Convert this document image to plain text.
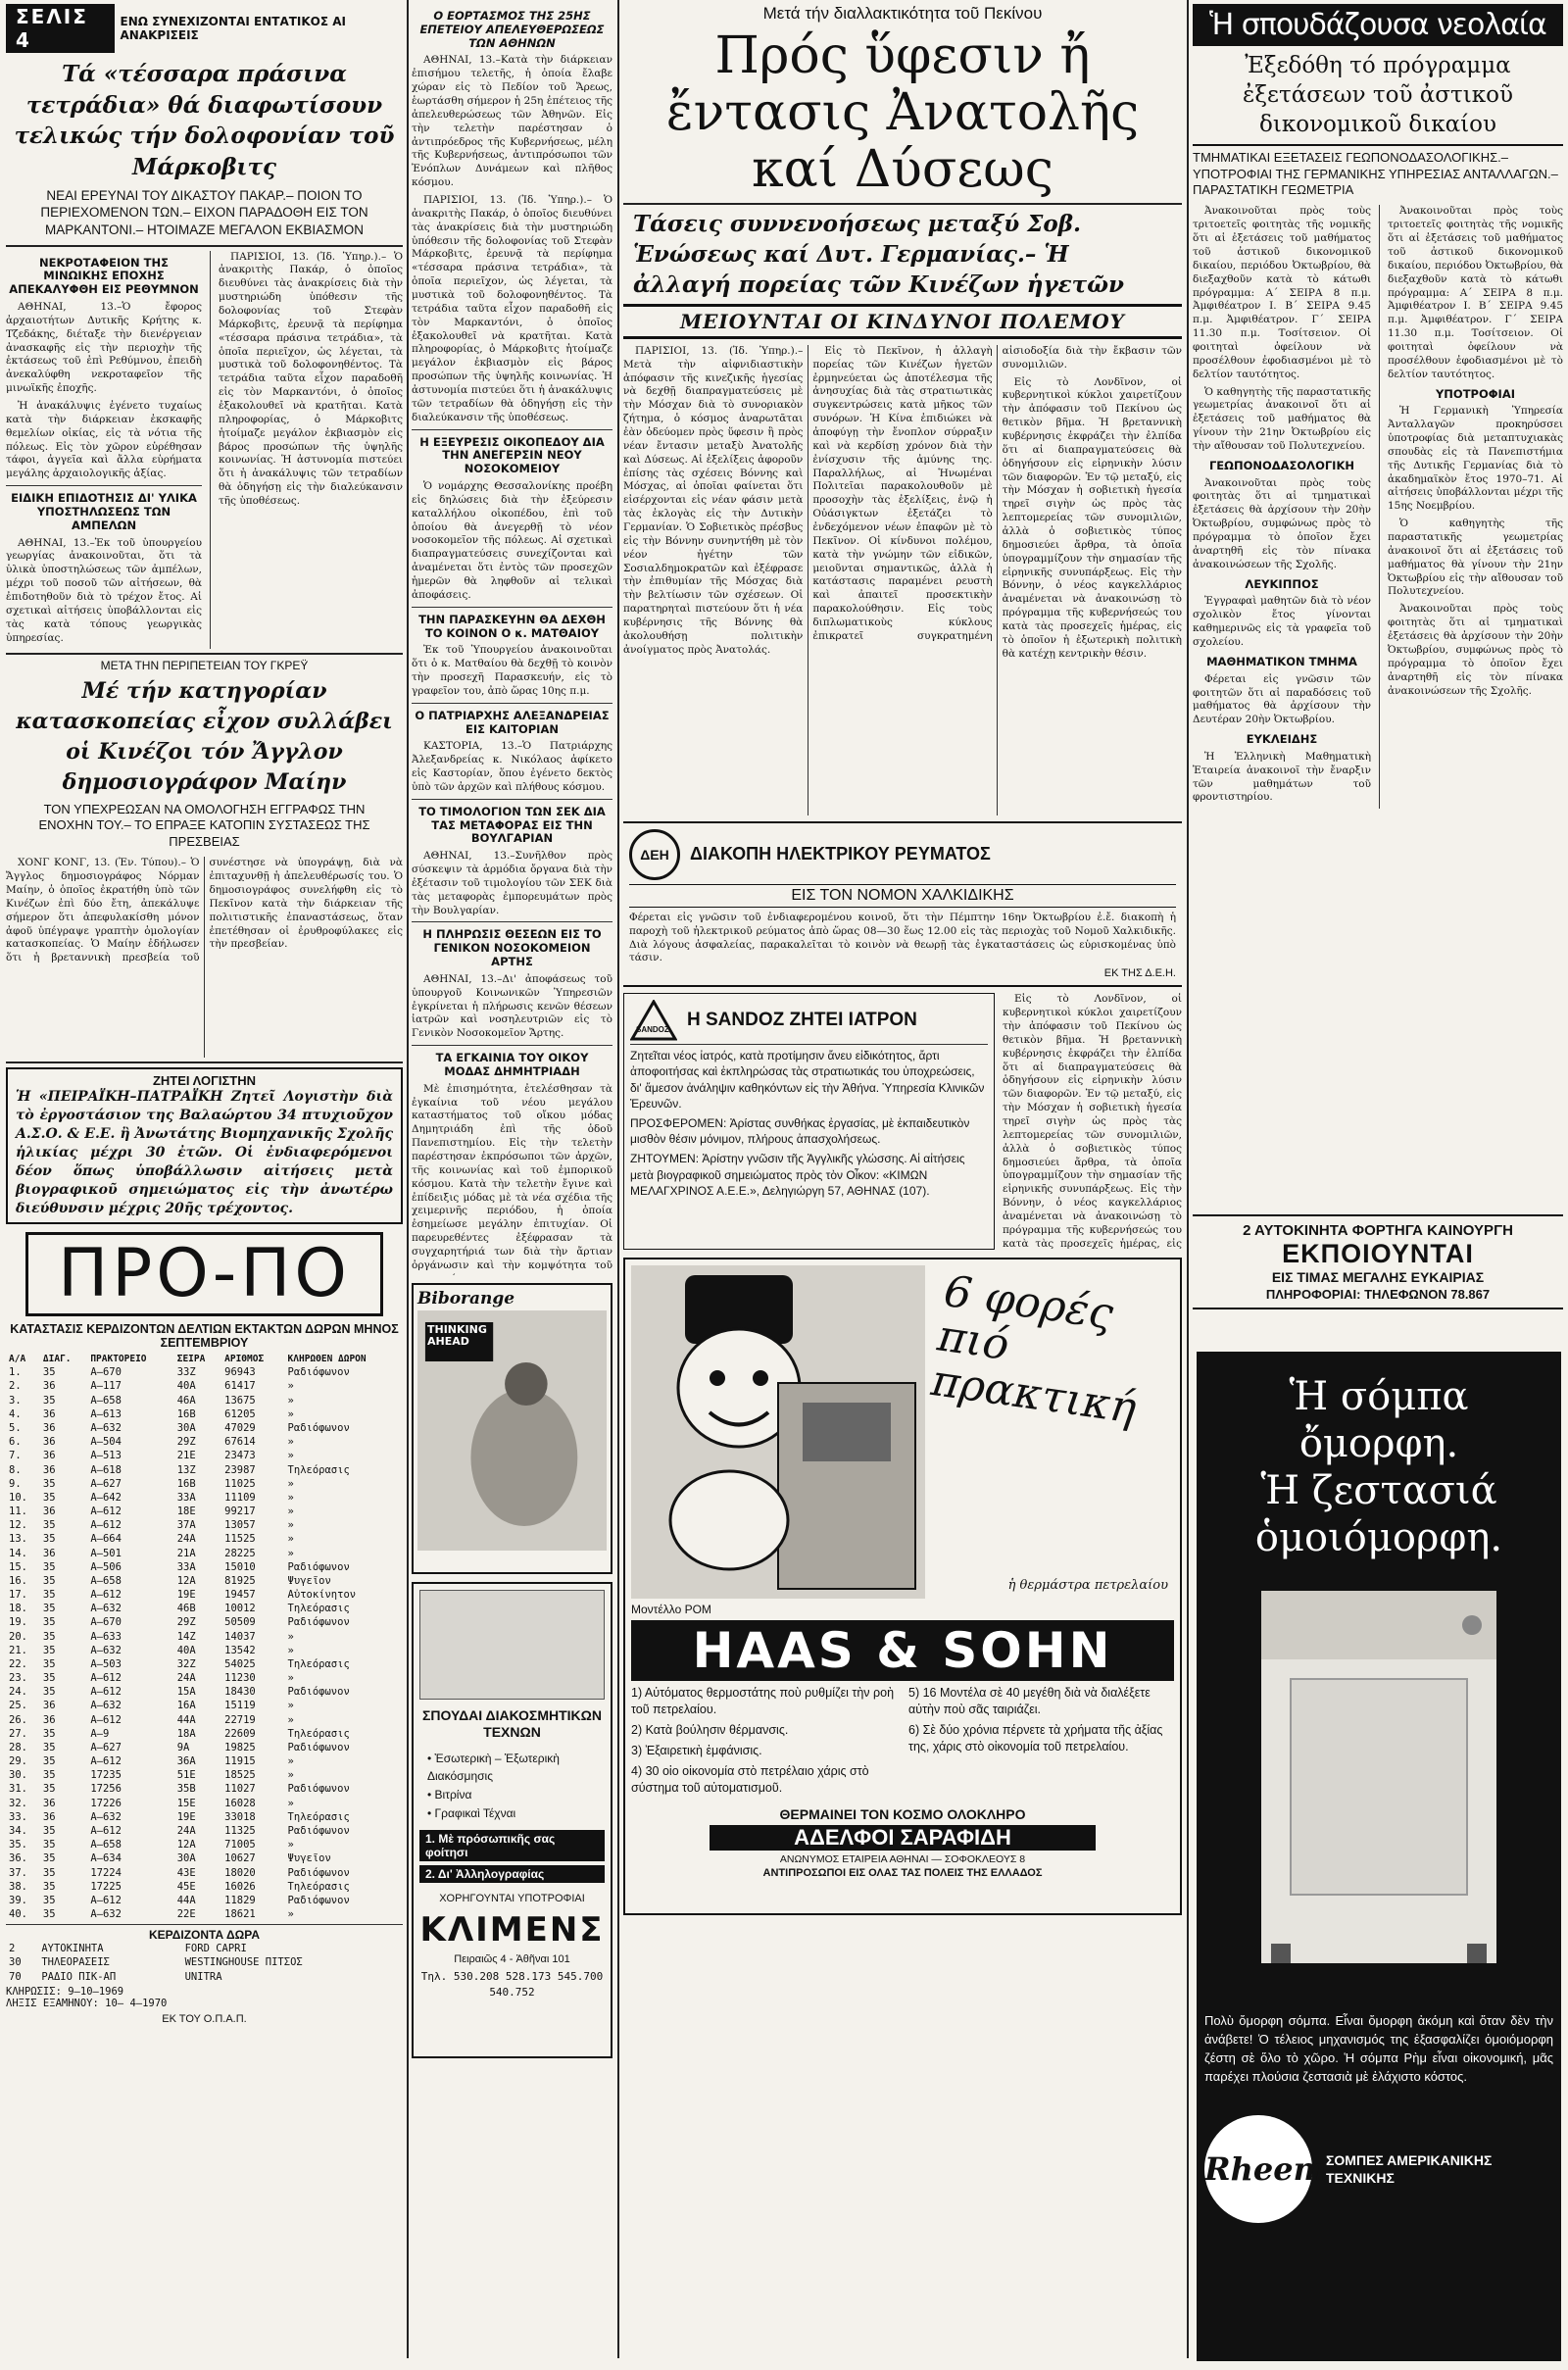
ΣΕΛΙΣ 4
ΕΝΩ ΣΥΝΕΧΙΖΟΝΤΑΙ ΕΝΤΑΤΙΚΟΣ ΑΙ ΑΝΑΚΡΙΣΕΙΣ
Τά «τέσσαρα πράσινα τετράδια» θά διαφωτίσουν τελικώς τήν δολοφονίαν τοῦ Μάρκοβιτς
ΝΕΑΙ ΕΡΕΥΝΑΙ ΤΟΥ ΔΙΚΑΣΤΟΥ ΠΑΚΑΡ.– ΠΟΙΟΝ ΤΟ ΠΕΡΙΕΧΟΜΕΝΟΝ ΤΩΝ.– ΕΙΧΟΝ ΠΑΡΑΔΟΘΗ ΕΙΣ ΤΟΝ ΜΑΡΚΑΝΤΟΝΙ.– ΗΤΟΙΜΑΖΕ ΜΕΓΑΛΟΝ ΕΚΒΙΑΣΜΟΝ
ΝΕΚΡΟΤΑΦΕΙΟΝ ΤΗΣ ΜΙΝΩΙΚΗΣ ΕΠΟΧΗΣ ΑΠΕΚΑΛΥΦΘΗ ΕΙΣ ΡΕΘΥΜΝΟΝ

ΑΘΗΝΑΙ, 13.–Ὁ ἔφορος ἀρχαιοτήτων Δυτικῆς Κρήτης κ. Τζεδάκης, διέταξε τὴν διενέργειαν ἀνασκαφῆς εἰς τὴν περιοχὴν τῆς ἐκτάσεως τοῦ ἐπὶ Ρεθύμνου, ἐπειδὴ ἀνεκαλύφθη νεκροταφεῖον τῆς μινωϊκῆς ἐποχῆς.

Ἡ ἀνακάλυψις ἐγένετο τυχαίως κατὰ τὴν διάρκειαν ἐκσκαφῆς θεμελίων οἰκίας, εἰς τὰ νότια τῆς πόλεως. Εἰς τὸν χῶρον εὑρέθησαν τάφοι, ἀγγεῖα καὶ ἄλλα εὑρήματα μεγάλης ἀρχαιολογικῆς ἀξίας.

ΕΙΔΙΚΗ ΕΠΙΔΟΤΗΣΙΣ ΔΙ' ΥΛΙΚΑ ΥΠΟΣΤΗΛΩΣΕΩΣ ΤΩΝ ΑΜΠΕΛΩΝ

ΑΘΗΝΑΙ, 13.–Ἐκ τοῦ ὑπουργείου γεωργίας ἀνακοινοῦται, ὅτι τὰ ὑλικὰ ὑποστηλώσεως τῶν ἀμπέλων, μέχρι τοῦ ποσοῦ τῶν αἰτήσεων, θὰ ἐπιδοτηθοῦν διὰ τὸ τρέχον ἔτος. Αἱ σχετικαὶ αἰτήσεις ὑποβάλλονται εἰς τὰς κατὰ τόπους γεωργικὰς ὑπηρεσίας.

ΠΑΡΙΣΙΟΙ, 13. (Ἰδ. Ὑπηρ.).– Ὁ ἀνακριτὴς Πακάρ, ὁ ὁποῖος διευθύνει τὰς ἀνακρίσεις διὰ τὴν μυστηριώδη ὑπόθεσιν τῆς δολοφονίας τοῦ Στεφὰν Μάρκοβιτς, ἐρευνᾷ τὰ περίφημα «τέσσαρα πράσινα τετράδια», τὰ ὁποῖα περιεῖχον, ὡς λέγεται, τὰ μυστικὰ τοῦ δολοφονηθέντος. Τὰ τετράδια ταῦτα εἶχον παραδοθῆ εἰς τὸν Μαρκαντόνι, ὁ ὁποῖος ἐξακολουθεῖ νὰ κρατῆται. Κατὰ πληροφορίας, ὁ Μάρκοβιτς ἡτοίμαζε μεγάλον ἐκβιασμὸν εἰς βάρος προσώπων τῆς ὑψηλῆς κοινωνίας. Ἡ ἀστυνομία πιστεύει ὅτι ἡ ἀνακάλυψις τῶν τετραδίων θὰ ὁδηγήσῃ εἰς τὴν διαλεύκανσιν τῆς ὑποθέσεως.

ΜΕΤΑ ΤΗΝ ΠΕΡΙΠΕΤΕΙΑΝ ΤΟΥ ΓΚΡΕΫ
Μέ τήν κατηγορίαν κατασκοπείας εἶχον συλλάβει οἱ Κινέζοι τόν Ἄγγλον δημοσιογράφον Μαίην
ΤΟΝ ΥΠΕΧΡΕΩΣΑΝ ΝΑ ΟΜΟΛΟΓΗΣΗ ΕΓΓΡΑΦΩΣ ΤΗΝ ΕΝΟΧΗΝ ΤΟΥ.– ΤΟ ΕΠΡΑΞΕ ΚΑΤΟΠΙΝ ΣΥΣΤΑΣΕΩΣ ΤΗΣ ΠΡΕΣΒΕΙΑΣ

ΧΟΝΓ ΚΟΝΓ, 13. (Ἐν. Τύπου).– Ὁ Ἄγγλος δημοσιογράφος Νόρμαν Μαίην, ὁ ὁποῖος ἐκρατήθη ὑπὸ τῶν Κινέζων ἐπὶ δύο ἔτη, ἀπεκάλυψε σήμερον ὅτι ἀπεφυλακίσθη μόνον ἀφοῦ ὑπέγραψε γραπτὴν ὁμολογίαν κατασκοπείας. Ὁ Μαίην ἐδήλωσεν ὅτι ἡ βρεταννικὴ πρεσβεία τοῦ συνέστησε νὰ ὑπογράψῃ, διὰ νὰ ἐπιταχυνθῇ ἡ ἀπελευθέρωσίς του. Ὁ δημοσιογράφος συνελήφθη εἰς τὸ Πεκῖνον κατὰ τὴν διάρκειαν τῆς πολιτιστικῆς ἐπαναστάσεως, ὅταν ἐπετέθησαν οἱ ἐρυθροφύλακες εἰς τὴν πρεσβείαν.

ΖΗΤΕΙ ΛΟΓΙΣΤΗΝ
Ἡ «ΠΕΙΡΑΪΚΗ–ΠΑΤΡΑΪΚΗ Ζητεῖ Λογιστὴν διὰ τὸ ἐργοστάσιον της Βαλαώρτου 34 πτυχιοῦχον Α.Σ.Ο. & Ε.Ε. ἢ Ἀνωτάτης Βιομηχανικῆς Σχολῆς ἡλικίας μέχρι 30 ἐτῶν. Οἱ ἐνδιαφερόμενοι δέον ὅπως ὑποβάλλωσιν αἰτήσεις μετὰ βιογραφικοῦ σημειώματος εἰς τὴν ἀνωτέρω διεύθυνσιν μέχρις 20ῆς τρέχοντος.
ΠΡΟ-ΠΟ
ΚΑΤΑΣΤΑΣΙΣ ΚΕΡΔΙΖΟΝΤΩΝ ΔΕΛΤΙΩΝ ΕΚΤΑΚΤΩΝ ΔΩΡΩΝ ΜΗΝΟΣ ΣΕΠΤΕΜΒΡΙΟΥ
Α/Α	ΔΙΑΓ.	ΠΡΑΚΤΟΡΕΙΟ	ΣΕΙΡΑ	ΑΡΙΘΜΟΣ	ΚΛΗΡΩΘΕΝ ΔΩΡΟΝ
1.	35	Α—670	33Ζ	96943	Ραδιόφωνον
2.	36	Α—117	40Α	61417	»
3.	35	Α—658	46Α	13675	»
4.	36	Α—613	16Β	61205	»
5.	36	Α—632	30Α	47029	Ραδιόφωνον
6.	36	Α—504	29Ζ	67614	»
7.	36	Α—513	21Ε	23473	»
8.	36	Α—618	13Ζ	23987	Τηλεόρασις
9.	35	Α—627	16Β	11025	»
10.	35	Α—642	33Α	11109	»
11.	36	Α—612	18Ε	99217	»
12.	35	Α—612	37Α	13057	»
13.	35	Α—664	24Α	11525	»
14.	36	Α—501	21Α	28225	»
15.	35	Α—506	33Α	15010	Ραδιόφωνον
16.	35	Α—658	12Α	81925	Ψυγεῖον
17.	35	Α—612	19Ε	19457	Αὐτοκίνητον
18.	35	Α—632	46Β	10012	Τηλεόρασις
19.	35	Α—670	29Ζ	50509	Ραδιόφωνον
20.	35	Α—633	14Ζ	14037	»
21.	35	Α—632	40Α	13542	»
22.	35	Α—503	32Ζ	54025	Τηλεόρασις
23.	35	Α—612	24Α	11230	»
24.	35	Α—612	15Α	18430	Ραδιόφωνον
25.	36	Α—632	16Α	15119	»
26.	36	Α—612	44Α	22719	»
27.	35	Α—9	18Α	22609	Τηλεόρασις
28.	35	Α—627	9Α	19825	Ραδιόφωνον
29.	35	Α—612	36Α	11915	»
30.	35	17235	51Ε	18525	»
31.	35	17256	35Β	11027	Ραδιόφωνον
32.	36	17226	15Ε	16028	»
33.	36	Α—632	19Ε	33018	Τηλεόρασις
34.	35	Α—612	24Α	11325	Ραδιόφωνον
35.	35	Α—658	12Α	71005	»
36.	35	Α—634	30Α	10627	Ψυγεῖον
37.	35	17224	43Ε	18020	Ραδιόφωνον
38.	35	17225	45Ε	16026	Τηλεόρασις
39.	35	Α—612	44Α	11829	Ραδιόφωνον
40.	35	Α—632	22Ε	18621	»
ΚΕΡΔΙΖΟΝΤΑ ΔΩΡΑ
2	ΑΥΤΟΚΙΝΗΤΑ	FORD CAPRI
30	ΤΗΛΕΟΡΑΣΕΙΣ	WESTINGHOUSE ΠΙΤΣΟΣ
70	ΡΑΔΙΟ ΠΙΚ-ΑΠ	UNITRA
ΚΛΗΡΩΣΙΣ: 9—10—1969
ΛΗΞΙΣ ΕΞΑΜΗΝΟΥ: 10— 4—1970
ΕΚ ΤΟΥ Ο.Π.Α.Π.
Ο ΕΟΡΤΑΣΜΟΣ ΤΗΣ 25ΗΣ ΕΠΕΤΕΙΟΥ ΑΠΕΛΕΥΘΕΡΩΣΕΩΣ ΤΩΝ ΑΘΗΝΩΝ

ΑΘΗΝΑΙ, 13.–Κατὰ τὴν διάρκειαν ἐπισήμου τελετῆς, ἡ ὁποία ἔλαβε χώραν εἰς τὸ Πεδίον τοῦ Ἄρεως, ἑωρτάσθη σήμερον ἡ 25η ἐπέτειος τῆς ἀπελευθερώσεως τῶν Ἀθηνῶν. Εἰς τὴν τελετὴν παρέστησαν ὁ ἀντιπρόεδρος τῆς Κυβερνήσεως, μέλη τῆς Κυβερνήσεως, ἀντιπρόσωποι τῶν Ἐνόπλων Δυνάμεων καὶ πλῆθος κόσμου.

ΠΑΡΙΣΙΟΙ, 13. (Ἰδ. Ὑπηρ.).– Ὁ ἀνακριτὴς Πακάρ, ὁ ὁποῖος διευθύνει τὰς ἀνακρίσεις διὰ τὴν μυστηριώδη ὑπόθεσιν τῆς δολοφονίας τοῦ Στεφὰν Μάρκοβιτς, ἐρευνᾷ τὰ περίφημα «τέσσαρα πράσινα τετράδια», τὰ ὁποῖα περιεῖχον, ὡς λέγεται, τὰ μυστικὰ τοῦ δολοφονηθέντος. Τὰ τετράδια ταῦτα εἶχον παραδοθῆ εἰς τὸν Μαρκαντόνι, ὁ ὁποῖος ἐξακολουθεῖ νὰ κρατῆται. Κατὰ πληροφορίας, ὁ Μάρκοβιτς ἡτοίμαζε μεγάλον ἐκβιασμὸν εἰς βάρος προσώπων τῆς ὑψηλῆς κοινωνίας. Ἡ ἀστυνομία πιστεύει ὅτι ἡ ἀνακάλυψις τῶν τετραδίων θὰ ὁδηγήσῃ εἰς τὴν διαλεύκανσιν τῆς ὑποθέσεως.

Η ΕΞΕΥΡΕΣΙΣ ΟΙΚΟΠΕΔΟΥ ΔΙΑ ΤΗΝ ΑΝΕΓΕΡΣΙΝ ΝΕΟΥ ΝΟΣΟΚΟΜΕΙΟΥ

Ὁ νομάρχης Θεσσαλονίκης προέβη εἰς δηλώσεις διὰ τὴν ἐξεύρεσιν καταλλήλου οἰκοπέδου, ἐπὶ τοῦ ὁποίου θὰ ἀνεγερθῇ τὸ νέον νοσοκομεῖον τῆς πόλεως. Αἱ σχετικαὶ διαπραγματεύσεις συνεχίζονται καὶ ἀναμένεται ὅτι ἐντὸς τῶν προσεχῶν ἡμερῶν θὰ ληφθοῦν αἱ τελικαὶ ἀποφάσεις.

ΤΗΝ ΠΑΡΑΣΚΕΥΗΝ ΘΑ ΔΕΧΘΗ ΤΟ ΚΟΙΝΟΝ Ο κ. ΜΑΤΘΑΙΟΥ

Ἐκ τοῦ Ὑπουργείου ἀνακοινοῦται ὅτι ὁ κ. Ματθαίου θὰ δεχθῇ τὸ κοινὸν τὴν προσεχῆ Παρασκευήν, εἰς τὸ γραφεῖον του, ἀπὸ ὥρας 10ης π.μ.

Ο ΠΑΤΡΙΑΡΧΗΣ ΑΛΕΞΑΝΔΡΕΙΑΣ ΕΙΣ ΚΑΙΤΟΡΙΑΝ

ΚΑΣΤΟΡΙΑ, 13.–Ὁ Πατριάρχης Ἀλεξανδρείας κ. Νικόλαος ἀφίκετο εἰς Καστορίαν, ὅπου ἐγένετο δεκτὸς ὑπὸ τῶν ἀρχῶν καὶ πλήθους κόσμου.

ΤΟ ΤΙΜΟΛΟΓΙΟΝ ΤΩΝ ΣΕΚ ΔΙΑ ΤΑΣ ΜΕΤΑΦΟΡΑΣ ΕΙΣ ΤΗΝ ΒΟΥΛΓΑΡΙΑΝ

ΑΘΗΝΑΙ, 13.–Συνῆλθον πρὸς σύσκεψιν τὰ ἁρμόδια ὄργανα διὰ τὴν ἐξέτασιν τοῦ τιμολογίου τῶν ΣΕΚ διὰ τὰς μεταφορὰς ἐμπορευμάτων πρὸς τὴν Βουλγαρίαν.

Η ΠΛΗΡΩΣΙΣ ΘΕΣΕΩΝ ΕΙΣ ΤΟ ΓΕΝΙΚΟΝ ΝΟΣΟΚΟΜΕΙΟΝ ΑΡΤΗΣ

ΑΘΗΝΑΙ, 13.–Δι' ἀποφάσεως τοῦ ὑπουργοῦ Κοινωνικῶν Ὑπηρεσιῶν ἐγκρίνεται ἡ πλήρωσις κενῶν θέσεων ἰατρῶν καὶ νοσηλευτριῶν εἰς τὸ Γενικὸν Νοσοκομεῖον Ἄρτης.

ΤΑ ΕΓΚΑΙΝΙΑ ΤΟΥ ΟΙΚΟΥ ΜΟΔΑΣ ΔΗΜΗΤΡΙΑΔΗ

Μὲ ἐπισημότητα, ἐτελέσθησαν τὰ ἐγκαίνια τοῦ νέου μεγάλου καταστήματος τοῦ οἴκου μόδας Δημητριάδη ἐπὶ τῆς ὁδοῦ Πανεπιστημίου. Εἰς τὴν τελετὴν παρέστησαν ἐκπρόσωποι τῶν ἀρχῶν, τῆς κοινωνίας καὶ τοῦ ἐμπορικοῦ κόσμου. Κατὰ τὴν τελετὴν ἔγινε καὶ ἐπίδειξις μόδας μὲ τὰ νέα σχέδια τῆς χειμερινῆς περιόδου, ἡ ὁποία ἐσημείωσε μεγάλην ἐπιτυχίαν. Οἱ παρευρεθέντες ἐξέφρασαν τὰ συγχαρητήριά των διὰ τὴν ἄρτιαν ὀργάνωσιν καὶ τὴν κομψότητα τοῦ

Biborange
THINKING AHEAD
ΣΠΟΥΔΑΙ ΔΙΑΚΟΣΜΗΤΙΚΩΝ ΤΕΧΝΩΝ
• Ἐσωτερικὴ – Ἐξωτερικὴ Διακόσμησις
• Βιτρίνα
• Γραφικαὶ Τέχναι
1. Μὲ πρόσωπικῆς σας φοίτησι
2. Δι' Ἀλληλογραφίας
ΧΟΡΗΓΟΥΝΤΑΙ ΥΠΟΤΡΟΦΙΑΙ
ΚΛΙΜΕΝΣ
Πειραιῶς 4 - Ἀθῆναι 101
Τηλ. 530.208 528.173 545.700 540.752
Μετά τήν διαλλακτικότητα τοῦ Πεκίνου
Πρός ὕφεσιν ἤ ἔντασις Ἀνατολῆς καί Δύσεως
Τάσεις συννενοήσεως μεταξύ Σοβ. Ἑνώσεως καί Δυτ. Γερμανίας.– Ἡ ἀλλαγή πορείας τῶν Κινέζων ἡγετῶν
ΜΕΙΟΥΝΤΑΙ ΟΙ ΚΙΝΔΥΝΟΙ ΠΟΛΕΜΟΥ

ΠΑΡΙΣΙΟΙ, 13. (Ἰδ. Ὑπηρ.).– Μετὰ τὴν αἰφνιδιαστικὴν ἀπόφασιν τῆς κινεζικῆς ἡγεσίας νὰ δεχθῇ διαπραγματεύσεις μὲ τὴν Μόσχαν διὰ τὸ συνοριακὸν ζήτημα, ὁ κόσμος ἀναρωτᾶται ἐὰν ὁδεύομεν πρὸς ὕφεσιν ἢ πρὸς νέαν ἔντασιν μεταξὺ Ἀνατολῆς καὶ Δύσεως. Αἱ ἐξελίξεις ἀφοροῦν ἐπίσης τὰς σχέσεις Βόννης καὶ Μόσχας, αἱ ὁποῖαι φαίνεται ὅτι εἰσέρχονται εἰς νέαν φάσιν μετὰ τὰς ἐκλογὰς εἰς τὴν Δυτικὴν Γερμανίαν. Ὁ Σοβιετικὸς πρέσβυς εἰς τὴν Βόννην συνηντήθη μὲ τὸν νέον ἡγέτην τῶν Σοσιαλδημοκρατῶν καὶ ἐξέφρασε τὴν ἐπιθυμίαν τῆς Μόσχας διὰ τὴν βελτίωσιν τῶν σχέσεων. Οἱ παρατηρηταὶ πιστεύουν ὅτι ἡ νέα κυβέρνησις τῆς Βόννης θὰ ἀκολουθήσῃ πολιτικὴν ἀνοίγματος πρὸς Ἀνατολάς.

Εἰς τὸ Πεκῖνον, ἡ ἀλλαγὴ πορείας τῶν Κινέζων ἡγετῶν ἐρμηνεύεται ὡς ἀποτέλεσμα τῆς ἀνησυχίας διὰ τὰς στρατιωτικὰς συγκεντρώσεις κατὰ μῆκος τῶν συνόρων. Ἡ Κίνα ἐπιδιώκει νὰ ἀποφύγῃ τὴν ἔνοπλον σύρραξιν καὶ νὰ κερδίσῃ χρόνον διὰ τὴν ἐνίσχυσιν τῆς ἀμύνης της. Παραλλήλως, αἱ Ἡνωμέναι Πολιτεῖαι παρακολουθοῦν μὲ προσοχὴν τὰς ἐξελίξεις, ἐνῷ ἡ Οὐάσιγκτων ἐξετάζει τὸ ἐνδεχόμενον νέων ἐπαφῶν μὲ τὸ Πεκῖνον. Οἱ κίνδυνοι πολέμου, κατὰ τὴν γνώμην τῶν εἰδικῶν, μειοῦνται σημαντικῶς, ἀλλὰ ἡ κατάστασις παραμένει ρευστὴ καὶ ἀπαιτεῖ προσεκτικὴν παρακολούθησιν. Εἰς τοὺς διπλωματικοὺς κύκλους ἐπικρατεῖ συγκρατημένη αἰσιοδοξία διὰ τὴν ἔκβασιν τῶν συνομιλιῶν.

Εἰς τὸ Λονδῖνον, οἱ κυβερνητικοὶ κύκλοι χαιρετίζουν τὴν ἀπόφασιν τοῦ Πεκίνου ὡς θετικὸν βῆμα. Ἡ βρεταννικὴ κυβέρνησις ἐκφράζει τὴν ἐλπίδα ὅτι αἱ διαπραγματεύσεις θὰ ὁδηγήσουν εἰς εἰρηνικὴν λύσιν τῶν διαφορῶν. Ἐν τῷ μεταξύ, εἰς τὴν Μόσχαν ἡ σοβιετικὴ ἡγεσία τηρεῖ σιγὴν ὡς πρὸς τὰς λεπτομερείας τῶν συνομιλιῶν, ἀλλὰ ὁ σοβιετικὸς τύπος δημοσιεύει ἄρθρα, τὰ ὁποῖα ὑπογραμμίζουν τὴν σημασίαν τῆς εἰρηνικῆς συνυπάρξεως. Εἰς τὴν Βόννην, ὁ νέος καγκελλάριος ἀναμένεται νὰ ἀνακοινώσῃ τὸ πρόγραμμα τῆς κυβερνήσεώς του κατὰ τὰς προσεχεῖς ἡμέρας, εἰς τὸ ὁποῖον ἡ ἐξωτερικὴ πολιτικὴ θὰ κατέχῃ κεντρικὴν θέσιν.

ΔΕΗ	ΔΙΑΚΟΠΗ ΗΛΕΚΤΡΙΚΟΥ ΡΕΥΜΑΤΟΣ
ΕΙΣ ΤΟΝ ΝΟΜΟΝ ΧΑΛΚΙΔΙΚΗΣ
Φέρεται εἰς γνῶσιν τοῦ ἐνδιαφερομένου κοινοῦ, ὅτι τὴν Πέμπτην 16ην Ὀκτωβρίου ἐ.ἔ. διακοπὴ ἡ παροχὴ τοῦ ἠλεκτρικοῦ ρεύματος ἀπὸ ὥρας 08—30 ἕως 12.00 εἰς τὰς περιοχὰς τοῦ Νομοῦ Χαλκιδικῆς. Διὰ λόγους ἀσφαλείας, παρακαλεῖται τὸ κοινὸν νὰ θεωρῇ τὰς ἐγκαταστάσεις ὡς εὑρισκομένας ὑπὸ τάσιν.
ΕΚ ΤΗΣ Δ.Ε.Η.
SANDOZ Η SANDOZ ΖΗΤΕΙ ΙΑΤΡΟΝ
Ζητεῖται νέος ἰατρός, κατὰ προτίμησιν ἄνευ εἰδικότητος, ἄρτι ἀποφοιτήσας καὶ ἐκπληρώσας τὰς στρατιωτικάς του ὑποχρεώσεις, δι' ἄμεσον ἀνάληψιν καθηκόντων εἰς τὴν Ἀθήνα. Ὑπηρεσία Κλινικῶν Ἐρευνῶν.
ΠΡΟΣΦΕΡΟΜΕΝ: Ἀρίστας συνθήκας ἐργασίας, μὲ ἐκπαιδευτικὸν μισθὸν θέσιν μόνιμον, πλήρους ἀπασχολήσεως.
ΖΗΤΟΥΜΕΝ: Ἀρίστην γνῶσιν τῆς Ἀγγλικῆς γλώσσης. Αἱ αἰτήσεις μετὰ βιογραφικοῦ σημειώματος πρὸς τὸν Οἶκον: «ΚΙΜΩΝ ΜΕΛΑΓΧΡΙΝΟΣ Α.Ε.Ε.», Δεληγιώργη 57, ΑΘΗΝΑΣ (107).

Εἰς τὸ Λονδῖνον, οἱ κυβερνητικοὶ κύκλοι χαιρετίζουν τὴν ἀπόφασιν τοῦ Πεκίνου ὡς θετικὸν βῆμα. Ἡ βρεταννικὴ κυβέρνησις ἐκφράζει τὴν ἐλπίδα ὅτι αἱ διαπραγματεύσεις θὰ ὁδηγήσουν εἰς εἰρηνικὴν λύσιν τῶν διαφορῶν. Ἐν τῷ μεταξύ, εἰς τὴν Μόσχαν ἡ σοβιετικὴ ἡγεσία τηρεῖ σιγὴν ὡς πρὸς τὰς λεπτομερείας τῶν συνομιλιῶν, ἀλλὰ ὁ σοβιετικὸς τύπος δημοσιεύει ἄρθρα, τὰ ὁποῖα ὑπογραμμίζουν τὴν σημασίαν τῆς εἰρηνικῆς συνυπάρξεως. Εἰς τὴν Βόννην, ὁ νέος καγκελλάριος ἀναμένεται νὰ ἀνακοινώσῃ τὸ πρόγραμμα τῆς κυβερνήσεώς του κατὰ τὰς προσεχεῖς ἡμέρας, εἰς

6 φορές πιό πρακτική
ἡ θερμάστρα πετρελαίου
Μοντέλλο ΡΟΜ
HAAS & SOHN
1) Αὐτόματος θερμοστάτης ποὺ ρυθμίζει τὴν ροὴ τοῦ πετρελαίου.
2) Κατὰ βούλησιν θέρμανσις.
3) Ἐξαιρετικὴ ἐμφάνισις.
4) 30 οἱο οἰκονομία στὸ πετρέλαιο χάρις στὸ σύστημα τοῦ αὐτοματισμοῦ.
5) 16 Μοντέλα σὲ 40 μεγέθη διὰ νὰ διαλέξετε αὐτὴν ποὺ σᾶς ταιριάζει.
6) Σὲ δύο χρόνια πέρνετε τὰ χρήματα τῆς ἀξίας της, χάρις στὸ οἰκονομία τοῦ πετρελαίου.
ΘΕΡΜΑΙΝΕΙ ΤΟΝ ΚΟΣΜΟ ΟΛΟΚΛΗΡΟ
ΑΔΕΛΦΟΙ ΣΑΡΑΦΙΔΗ
ΑΝΩΝΥΜΟΣ ΕΤΑΙΡΕΙΑ ΑΘΗΝΑΙ — ΣΟΦΟΚΛΕΟΥΣ 8
ΑΝΤΙΠΡΟΣΩΠΟΙ ΕΙΣ ΟΛΑΣ ΤΑΣ ΠΟΛΕΙΣ ΤΗΣ ΕΛΛΑΔΟΣ
Ἡ σπουδάζουσα νεολαία
Ἐξεδόθη τό πρόγραμμα ἐξετάσεων τοῦ ἀστικοῦ δικονομικοῦ δικαίου
ΤΜΗΜΑΤΙΚΑΙ ΕΞΕΤΑΣΕΙΣ ΓΕΩΠΟΝΟΔΑΣΟΛΟΓΙΚΗΣ.– ΥΠΟΤΡΟΦΙΑΙ ΤΗΣ ΓΕΡΜΑΝΙΚΗΣ ΥΠΗΡΕΣΙΑΣ ΑΝΤΑΛΛΑΓΩΝ.– ΠΑΡΑΣΤΑΤΙΚΗ ΓΕΩΜΕΤΡΙΑ

Ἀνακοινοῦται πρὸς τοὺς τριτοετεῖς φοιτητὰς τῆς νομικῆς ὅτι αἱ ἐξετάσεις τοῦ μαθήματος τοῦ ἀστικοῦ δικονομικοῦ δικαίου, περιόδου Ὀκτωβρίου, θὰ διεξαχθοῦν κατὰ τὸ κάτωθι πρόγραμμα: Α΄ ΣΕΙΡΑ 8 π.μ. Ἀμφιθέατρον Ι. Β΄ ΣΕΙΡΑ 9.45 π.μ. Ἀμφιθέατρον. Γ΄ ΣΕΙΡΑ 11.30 π.μ. Τοσίτσειον. Οἱ φοιτηταὶ ὀφείλουν νὰ προσέλθουν ἐφοδιασμένοι μὲ τὸ δελτίον ταυτότητος.

Ὁ καθηγητὴς τῆς παραστατικῆς γεωμετρίας ἀνακοινοῖ ὅτι αἱ ἐξετάσεις τοῦ μαθήματος θὰ γίνουν τὴν 21ην Ὀκτωβρίου εἰς τὴν αἴθουσαν τοῦ Πολυτεχνείου.

ΓΕΩΠΟΝΟΔΑΣΟΛΟΓΙΚΗ

Ἀνακοινοῦται πρὸς τοὺς φοιτητὰς ὅτι αἱ τμηματικαὶ ἐξετάσεις θὰ ἀρχίσουν τὴν 20ὴν Ὀκτωβρίου, συμφώνως πρὸς τὸ πρόγραμμα τὸ ὁποῖον ἔχει ἀναρτηθῆ εἰς τὸν πίνακα ἀνακοινώσεων τῆς Σχολῆς.

ΛΕΥΚΙΠΠΟΣ

Ἐγγραφαὶ μαθητῶν διὰ τὸ νέον σχολικὸν ἔτος γίνονται καθημερινῶς εἰς τὰ γραφεῖα τοῦ σχολείου.

ΜΑΘΗΜΑΤΙΚΟΝ ΤΜΗΜΑ

Φέρεται εἰς γνῶσιν τῶν φοιτητῶν ὅτι αἱ παραδόσεις τοῦ μαθήματος θὰ ἀρχίσουν τὴν Δευτέραν 20ὴν Ὀκτωβρίου.

ΕΥΚΛΕΙΔΗΣ

Ἡ Ἑλληνικὴ Μαθηματικὴ Ἑταιρεία ἀνακοινοῖ τὴν ἔναρξιν τῶν μαθημάτων τοῦ φροντιστηρίου.

Ἀνακοινοῦται πρὸς τοὺς τριτοετεῖς φοιτητὰς τῆς νομικῆς ὅτι αἱ ἐξετάσεις τοῦ μαθήματος τοῦ ἀστικοῦ δικονομικοῦ δικαίου, περιόδου Ὀκτωβρίου, θὰ διεξαχθοῦν κατὰ τὸ κάτωθι πρόγραμμα: Α΄ ΣΕΙΡΑ 8 π.μ. Ἀμφιθέατρον Ι. Β΄ ΣΕΙΡΑ 9.45 π.μ. Ἀμφιθέατρον. Γ΄ ΣΕΙΡΑ 11.30 π.μ. Τοσίτσειον. Οἱ φοιτηταὶ ὀφείλουν νὰ προσέλθουν ἐφοδιασμένοι μὲ τὸ δελτίον ταυτότητος.

ΥΠΟΤΡΟΦΙΑΙ

Ἡ Γερμανικὴ Ὑπηρεσία Ἀνταλλαγῶν προκηρύσσει ὑποτροφίας διὰ μεταπτυχιακὰς σπουδὰς εἰς τὰ Πανεπιστήμια τῆς Δυτικῆς Γερμανίας διὰ τὸ ἀκαδημαϊκὸν ἔτος 1970–71. Αἱ αἰτήσεις ὑποβάλλονται μέχρι τῆς 15ης Νοεμβρίου.

Ὁ καθηγητὴς τῆς παραστατικῆς γεωμετρίας ἀνακοινοῖ ὅτι αἱ ἐξετάσεις τοῦ μαθήματος θὰ γίνουν τὴν 21ην Ὀκτωβρίου εἰς τὴν αἴθουσαν τοῦ Πολυτεχνείου.

Ἀνακοινοῦται πρὸς τοὺς φοιτητὰς ὅτι αἱ τμηματικαὶ ἐξετάσεις θὰ ἀρχίσουν τὴν 20ὴν Ὀκτωβρίου, συμφώνως πρὸς τὸ πρόγραμμα τὸ ὁποῖον ἔχει ἀναρτηθῆ εἰς τὸν πίνακα ἀνακοινώσεων τῆς Σχολῆς.

2 ΑΥΤΟΚΙΝΗΤΑ ΦΟΡΤΗΓΑ ΚΑΙΝΟΥΡΓΗ
ΕΚΠΟΙΟΥΝΤΑΙ
ΕΙΣ ΤΙΜΑΣ ΜΕΓΑΛΗΣ ΕΥΚΑΙΡΙΑΣ
ΠΛΗΡΟΦΟΡΙΑΙ: ΤΗΛΕΦΩΝΟΝ 78.867
Ἡ σόμπα ὄμορφη.
Ἡ ζεστασιά ὁμοιόμορφη.
Πολὺ ὄμορφη σόμπα. Εἶναι ὄμορφη ἀκόμη καὶ ὅταν δὲν τὴν ἀνάβετε! Ὁ τέλειος μηχανισμός της ἐξασφαλίζει ὁμοιόμορφη ζέστη σὲ ὅλο τὸ χῶρο. Ἡ σόμπα Ρὴμ εἶναι οἰκονομική, μᾶς παρέχει πλούσια ζεστασιὰ μὲ ἐλάχιστο κόστος.
Rheem ΣΟΜΠΕΣ ΑΜΕΡΙΚΑΝΙΚΗΣ ΤΕΧΝΙΚΗΣ
